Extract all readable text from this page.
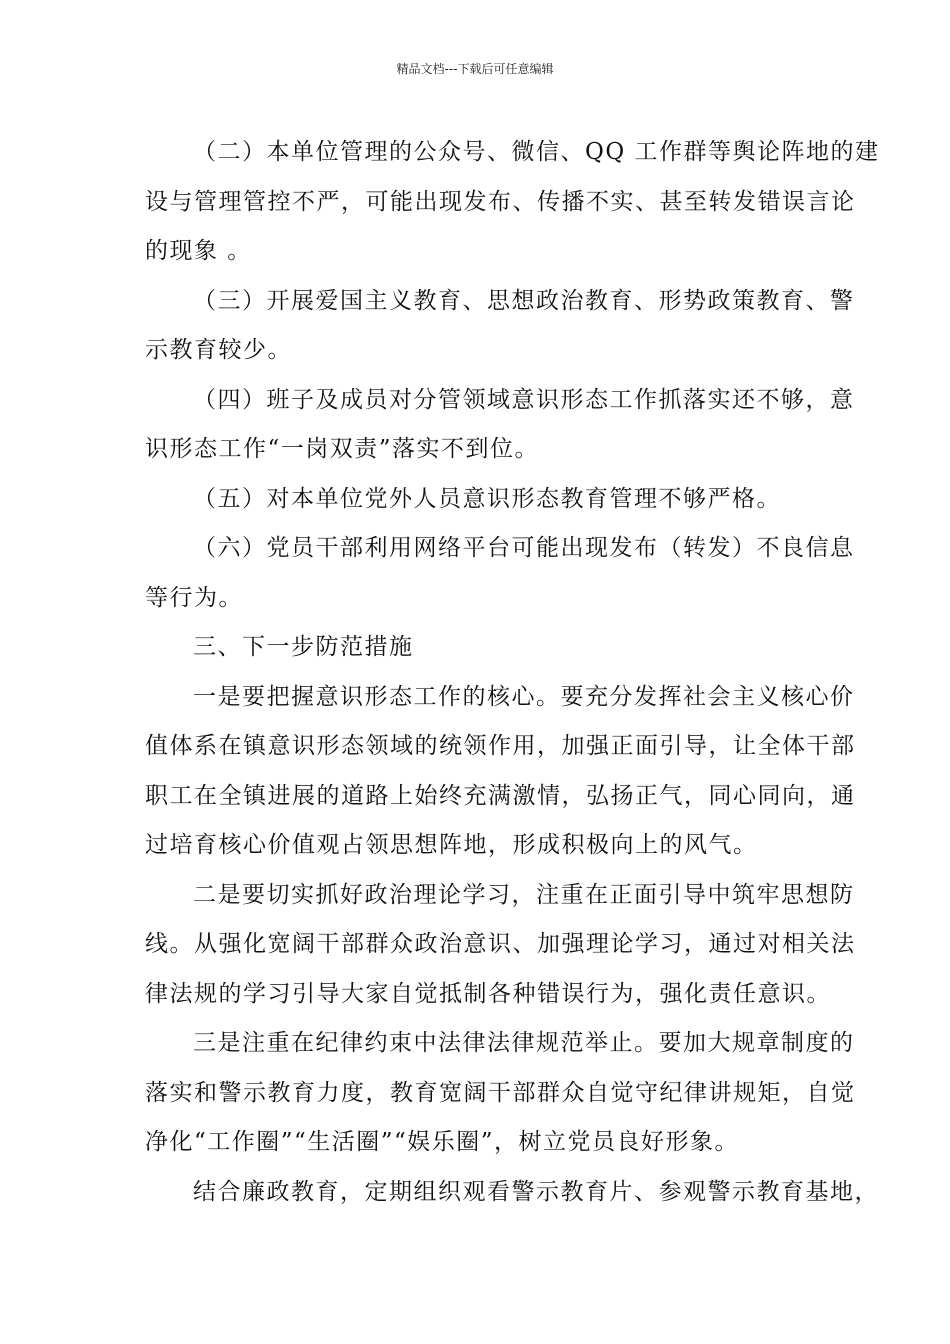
精品文档---下载后可任意编辑

（二）本单位管理的公众号、微信、QQ 工作群等舆论阵地的建
设与管理管控不严，可能出现发布、传播不实、甚至转发错误言论
的现象 。

（三）开展爱国主义教育、思想政治教育、形势政策教育、警
示教育较少。

（四）班子及成员对分管领域意识形态工作抓落实还不够，意
识形态工作“一岗双责”落实不到位。

（五）对本单位党外人员意识形态教育管理不够严格。

（六）党员干部利用网络平台可能出现发布（转发）不良信息
等行为。

三、下一步防范措施

一是要把握意识形态工作的核心。要充分发挥社会主义核心价
值体系在镇意识形态领域的统领作用，加强正面引导，让全体干部
职工在全镇进展的道路上始终充满激情，弘扬正气，同心同向，通
过培育核心价值观占领思想阵地，形成积极向上的风气。

二是要切实抓好政治理论学习，注重在正面引导中筑牢思想防
线。从强化宽阔干部群众政治意识、加强理论学习，通过对相关法
律法规的学习引导大家自觉抵制各种错误行为，强化责任意识。

三是注重在纪律约束中法律法律规范举止。要加大规章制度的
落实和警示教育力度，教育宽阔干部群众自觉守纪律讲规矩，自觉
净化“工作圈”“生活圈”“娱乐圈”，树立党员良好形象。

结合廉政教育，定期组织观看警示教育片、参观警示教育基地，
